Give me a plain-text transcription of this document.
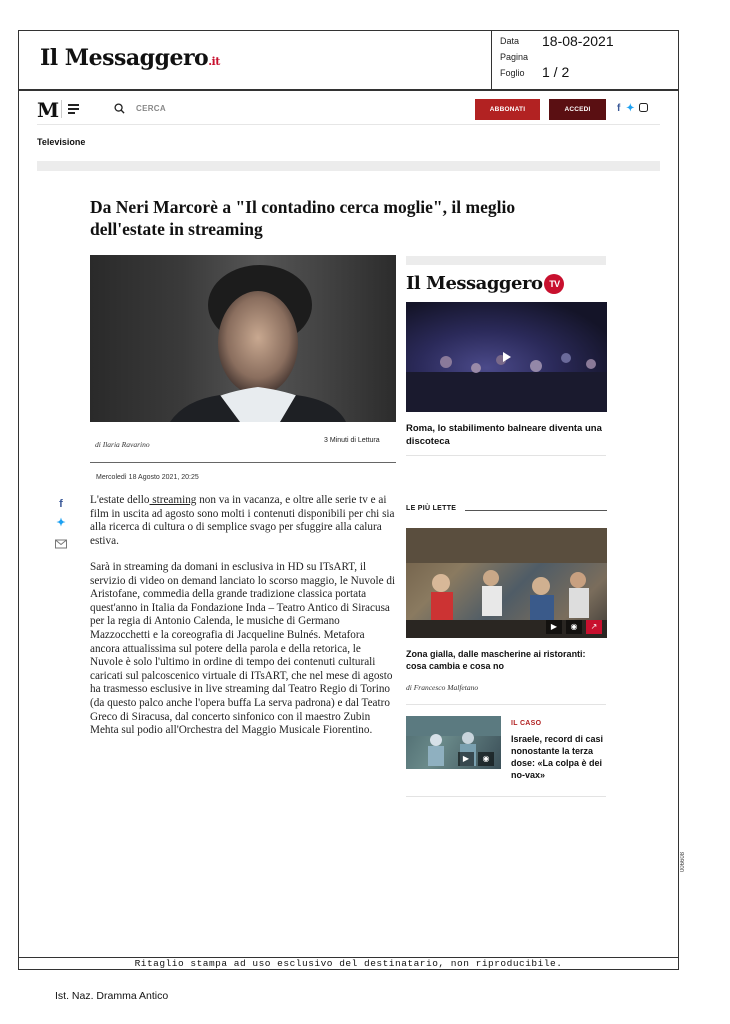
Il Messaggero.it
Data 18-08-2021
Pagina
Foglio 1 / 2
M	CERCA	ABBONATI	ACCEDI	f ✦
Televisione
Da Neri Marcorè a "Il contadino cerca moglie", il meglio dell'estate in streaming
di Ilaria Ravarino	3 Minuti di Lettura
Mercoledì 18 Agosto 2021, 20:25
f
✦

L'estate dello streaming non va in vacanza, e oltre alle serie tv e ai film in uscita ad agosto sono molti i contenuti disponibili per chi sia alla ricerca di cultura o di semplice svago per sfuggire alla calura estiva.

Sarà in streaming da domani in esclusiva in HD su ITsART, il servizio di video on demand lanciato lo scorso maggio, le Nuvole di Aristofane, commedia della grande tradizione classica portata quest'anno in Italia da Fondazione Inda – Teatro Antico di Siracusa per la regia di Antonio Calenda, le musiche di Germano Mazzocchetti e la coreografia di Jacqueline Bulnés. Metafora ancora attualissima sul potere della parola e della retorica, le Nuvole è solo l'ultimo in ordine di tempo dei contenuti culturali caricati sul palcoscenico virtuale di ITsART, che nel mese di agosto ha trasmesso esclusive in live streaming dal Teatro Regio di Torino (da questo palco anche l'opera buffa La serva padrona) e dal Teatro Greco di Siracusa, dal concerto sinfonico con il maestro Zubin Mehta sul podio all'Orchestra del Maggio Musicale Fiorentino.

Il Messaggero TV
Roma, lo stabilimento balneare diventa una discoteca
LE PIÙ LETTE
▶	◉	↗
Zona gialla, dalle mascherine ai ristoranti: cosa cambia e cosa no
di Francesco Malfetano
▶	◉
IL CASO
Israele, record di casi nonostante la terza dose: «La colpa è dei no-vax»
Ritaglio stampa ad uso esclusivo del destinatario, non riproducibile.
006608
Ist. Naz. Dramma Antico
